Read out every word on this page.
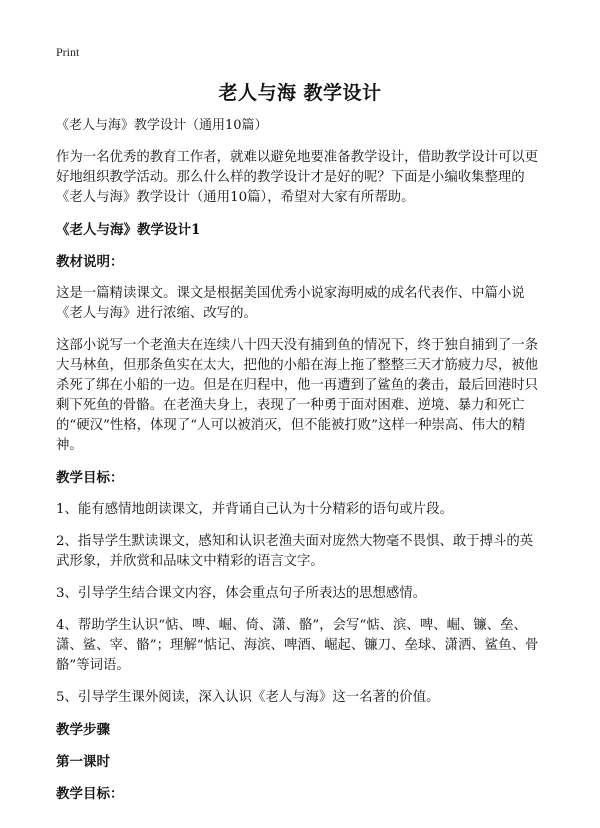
Print
老人与海 教学设计
《老人与海》教学设计（通用10篇）

作为一名优秀的教育工作者，就难以避免地要准备教学设计，借助教学设计可以更好地组织教学活动。那么什么样的教学设计才是好的呢？下面是小编收集整理的《老人与海》教学设计（通用10篇），希望对大家有所帮助。

《老人与海》教学设计1
教材说明：

这是一篇精读课文。课文是根据美国优秀小说家海明威的成名代表作、中篇小说《老人与海》进行浓缩、改写的。

这部小说写一个老渔夫在连续八十四天没有捕到鱼的情况下，终于独自捕到了一条大马林鱼，但那条鱼实在太大，把他的小船在海上拖了整整三天才筋疲力尽，被他杀死了绑在小船的一边。但是在归程中，他一再遭到了鲨鱼的袭击，最后回港时只剩下死鱼的骨骼。在老渔夫身上，表现了一种勇于面对困难、逆境、暴力和死亡的“硬汉”性格，体现了“人可以被消灭，但不能被打败”这样一种崇高、伟大的精神。

教学目标：
1、能有感情地朗读课文，并背诵自己认为十分精彩的语句或片段。
2、指导学生默读课文，感知和认识老渔夫面对庞然大物毫不畏惧、敢于搏斗的英武形象，并欣赏和品味文中精彩的语言文字。
3、引导学生结合课文内容，体会重点句子所表达的思想感情。
4、帮助学生认识“惦、啤、崛、倚、潇、骼”，会写“惦、滨、啤、崛、镰、垒、潇、鲨、宰、骼”；理解“惦记、海滨、啤酒、崛起、镰刀、垒球、潇洒、鲨鱼、骨骼”等词语。
5、引导学生课外阅读，深入认识《老人与海》这一名著的价值。
教学步骤
第一课时
教学目标：
